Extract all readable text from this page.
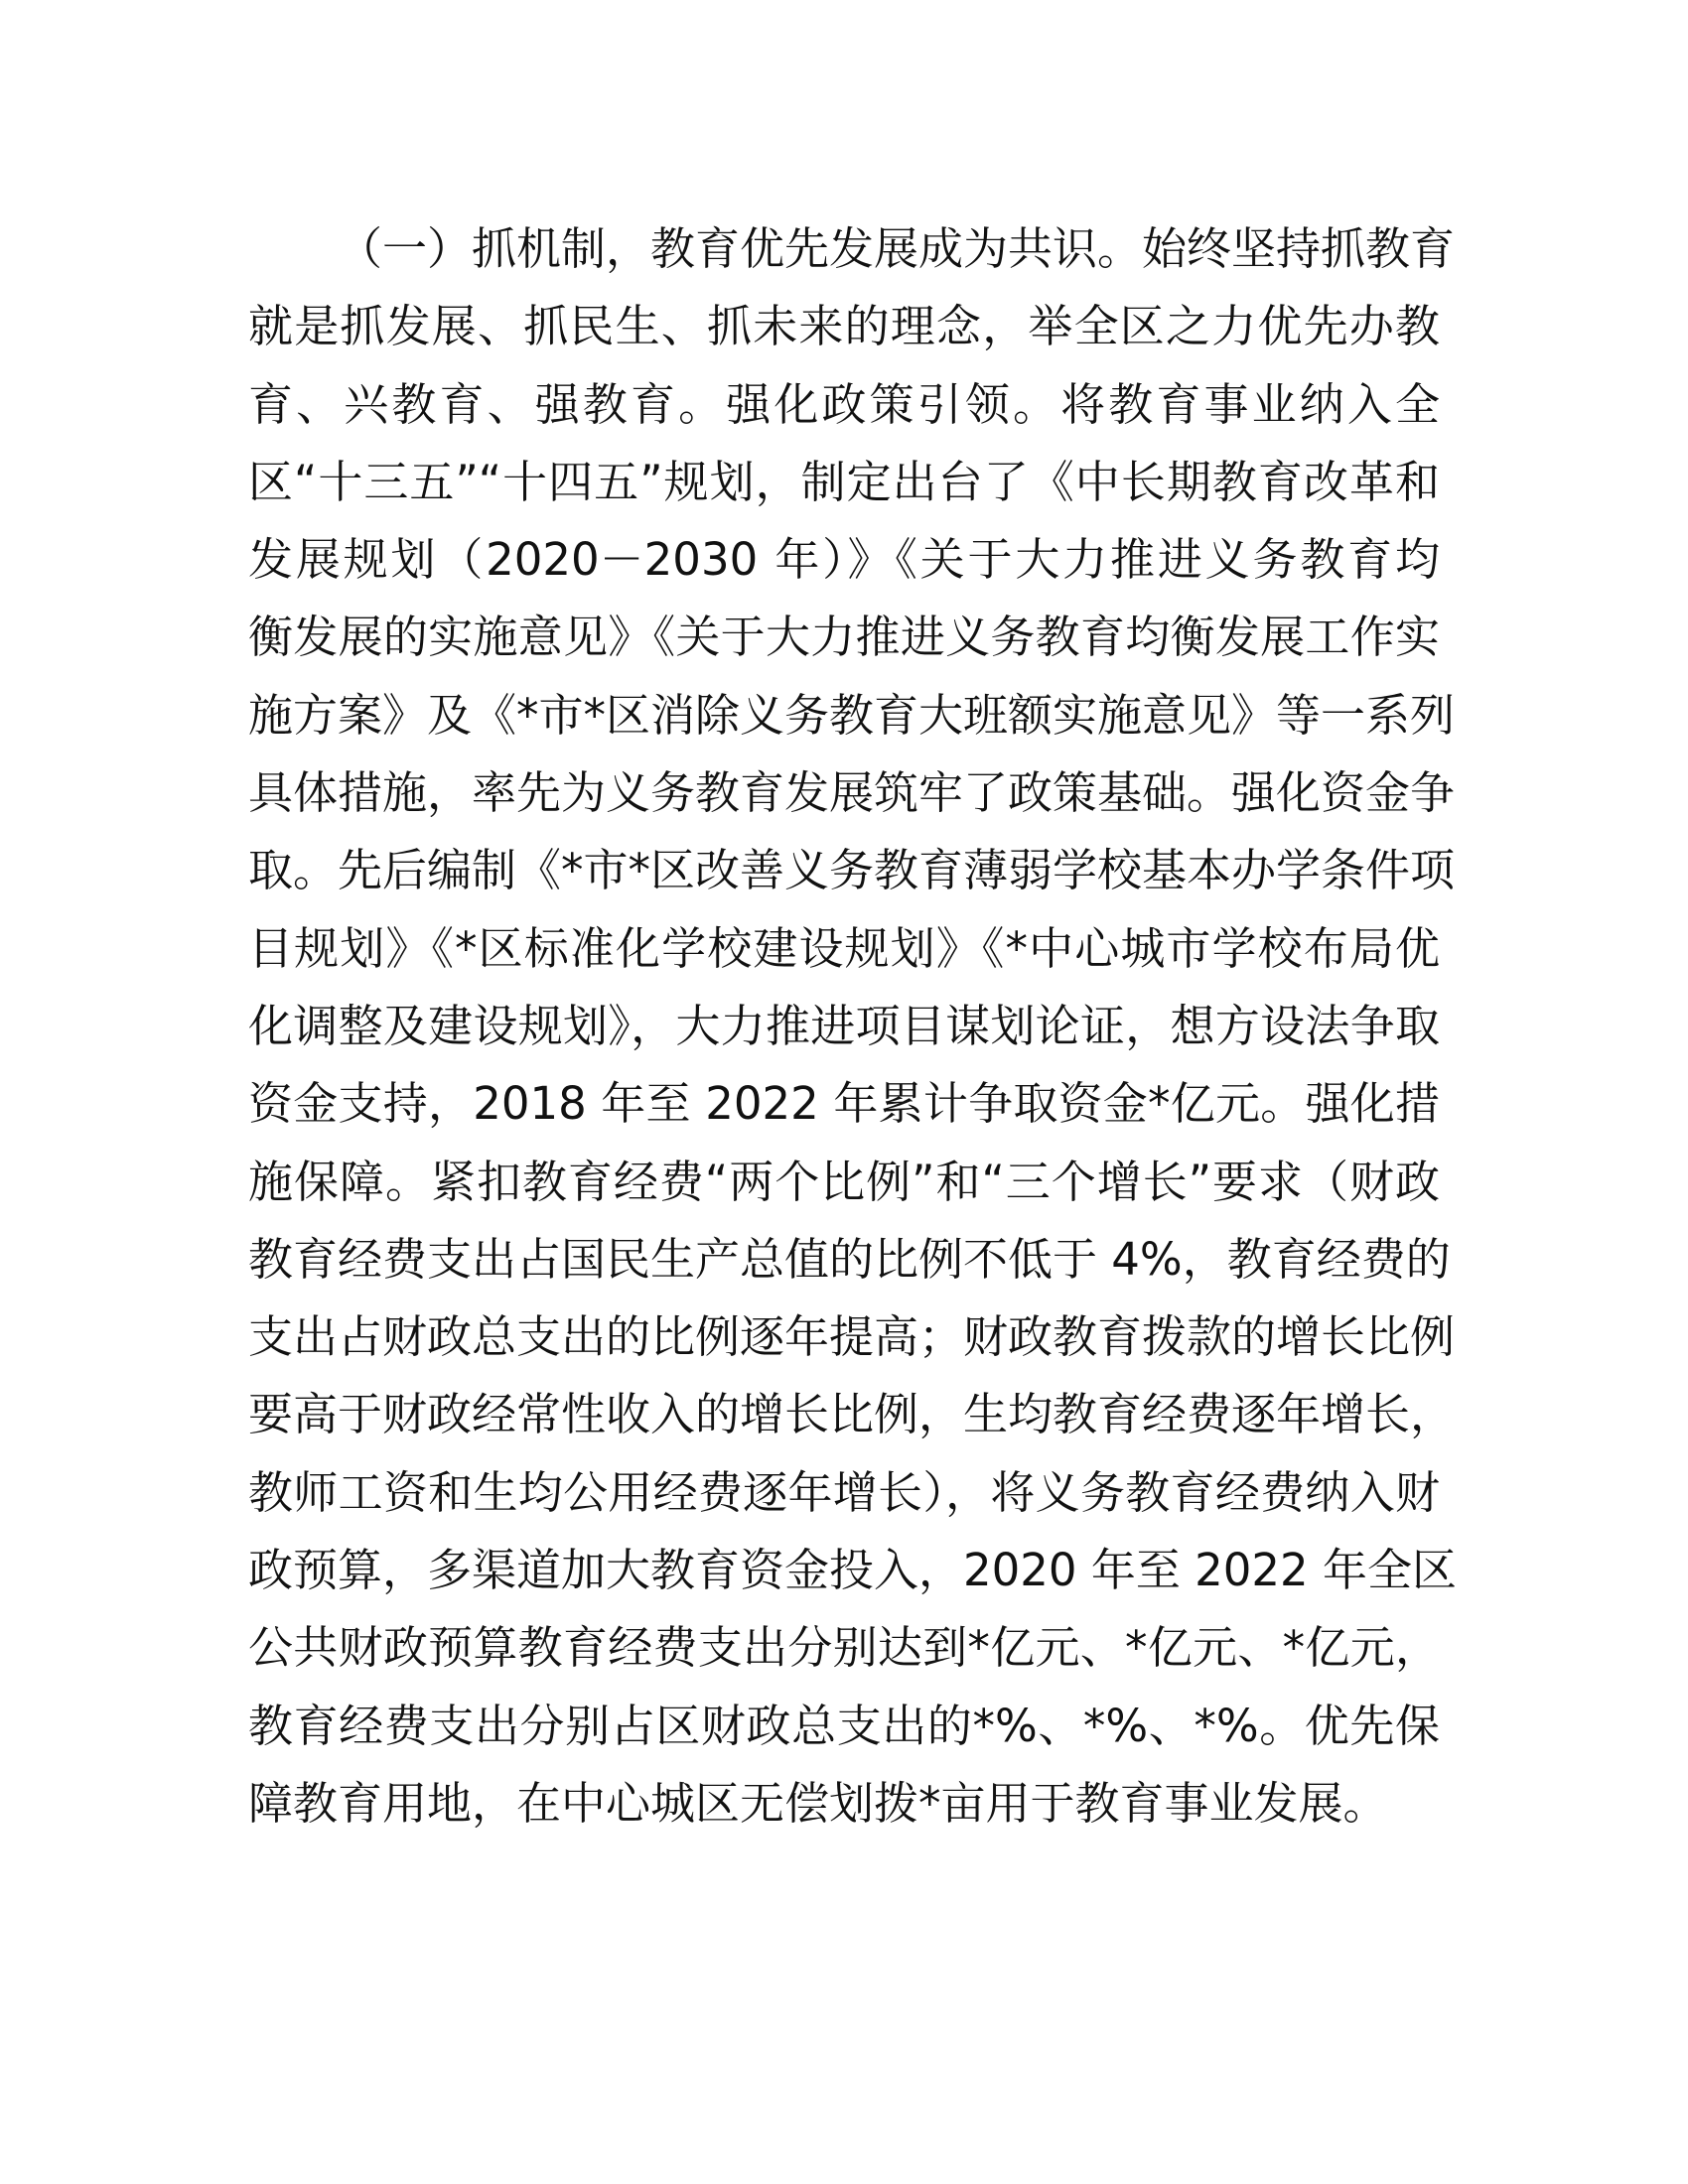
（一）抓机制，教育优先发展成为共识。始终坚持抓教育
就是抓发展、抓民生、抓未来的理念，举全区之力优先办教
育、兴教育、强教育。强化政策引领。将教育事业纳入全
区“十三五”“十四五”规划，制定出台了《中长期教育改革和
发展规划（2020－2030 年）》《关于大力推进义务教育均
衡发展的实施意见》《关于大力推进义务教育均衡发展工作实
施方案》及《*市*区消除义务教育大班额实施意见》等一系列
具体措施，率先为义务教育发展筑牢了政策基础。强化资金争
取。先后编制《*市*区改善义务教育薄弱学校基本办学条件项
目规划》《*区标准化学校建设规划》《*中心城市学校布局优
化调整及建设规划》，大力推进项目谋划论证，想方设法争取
资金支持，2018 年至 2022 年累计争取资金*亿元。强化措
施保障。紧扣教育经费“两个比例”和“三个增长”要求（财政
教育经费支出占国民生产总值的比例不低于 4%，教育经费的
支出占财政总支出的比例逐年提高；财政教育拨款的增长比例
要高于财政经常性收入的增长比例，生均教育经费逐年增长，
教师工资和生均公用经费逐年增长），将义务教育经费纳入财
政预算，多渠道加大教育资金投入，2020 年至 2022 年全区
公共财政预算教育经费支出分别达到*亿元、*亿元、*亿元，
教育经费支出分别占区财政总支出的*%、*%、*%。优先保
障教育用地，在中心城区无偿划拨*亩用于教育事业发展。
